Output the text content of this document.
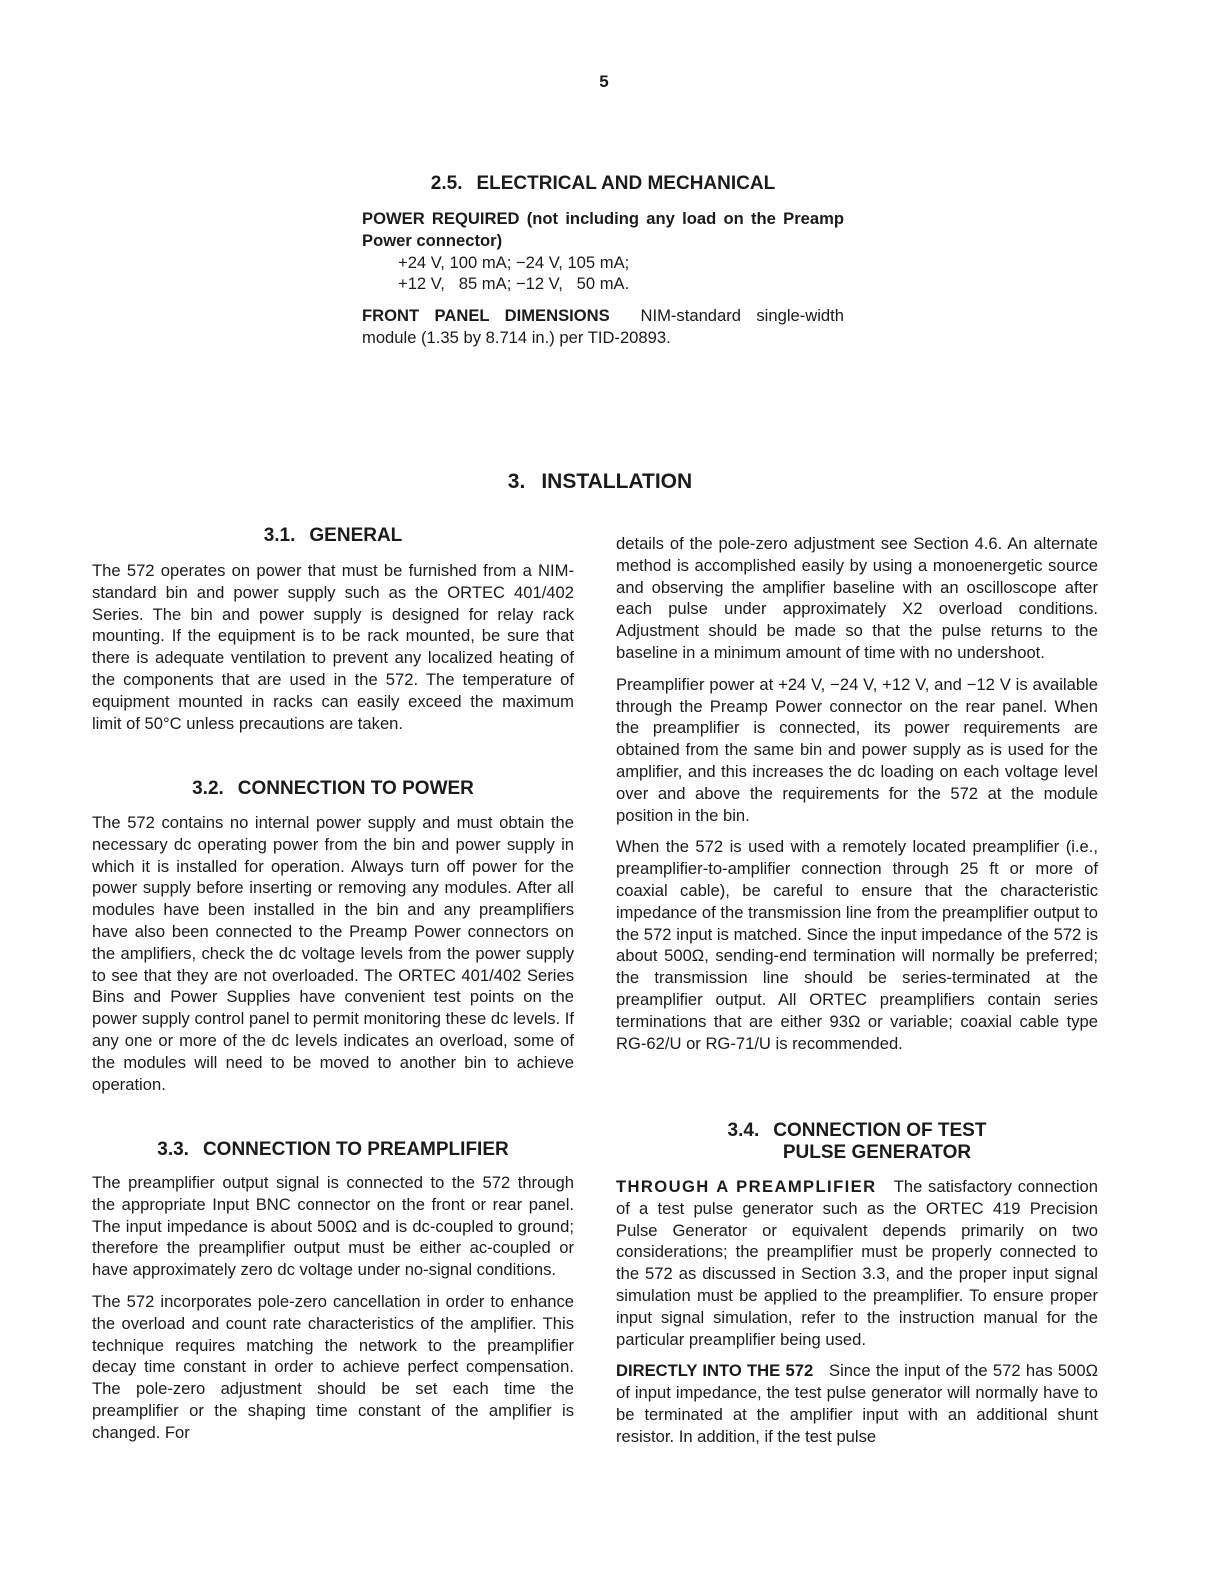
5
2.5. ELECTRICAL AND MECHANICAL

POWER REQUIRED (not including any load on the Preamp Power connector)

+24 V, 100 mA; −24 V, 105 mA;
+12 V,   85 mA; −12 V,   50 mA.

FRONT PANEL DIMENSIONS NIM-standard single-width module (1.35 by 8.714 in.) per TID-20893.

3. INSTALLATION
3.1. GENERAL

The 572 operates on power that must be furnished from a NIM-standard bin and power supply such as the ORTEC 401/402 Series. The bin and power supply is designed for relay rack mounting. If the equipment is to be rack mounted, be sure that there is adequate ventilation to prevent any localized heating of the components that are used in the 572. The temperature of equipment mounted in racks can easily exceed the maximum limit of 50°C unless precautions are taken.

3.2. CONNECTION TO POWER

The 572 contains no internal power supply and must obtain the necessary dc operating power from the bin and power supply in which it is installed for operation. Always turn off power for the power supply before inserting or removing any modules. After all modules have been installed in the bin and any preamplifiers have also been connected to the Preamp Power connectors on the amplifiers, check the dc voltage levels from the power supply to see that they are not overloaded. The ORTEC 401/402 Series Bins and Power Supplies have convenient test points on the power supply control panel to permit monitoring these dc levels. If any one or more of the dc levels indicates an overload, some of the modules will need to be moved to another bin to achieve operation.

3.3. CONNECTION TO PREAMPLIFIER

The preamplifier output signal is connected to the 572 through the appropriate Input BNC connector on the front or rear panel. The input impedance is about 500Ω and is dc-coupled to ground; therefore the preamplifier output must be either ac-coupled or have approximately zero dc voltage under no-signal conditions.

The 572 incorporates pole-zero cancellation in order to enhance the overload and count rate characteristics of the amplifier. This technique requires matching the network to the preamplifier decay time constant in order to achieve perfect compensation. The pole-zero adjustment should be set each time the preamplifier or the shaping time constant of the amplifier is changed. For

details of the pole-zero adjustment see Section 4.6. An alternate method is accomplished easily by using a monoenergetic source and observing the amplifier baseline with an oscilloscope after each pulse under approximately X2 overload conditions. Adjustment should be made so that the pulse returns to the baseline in a minimum amount of time with no undershoot.

Preamplifier power at +24 V, −24 V, +12 V, and −12 V is available through the Preamp Power connector on the rear panel. When the preamplifier is connected, its power requirements are obtained from the same bin and power supply as is used for the amplifier, and this increases the dc loading on each voltage level over and above the requirements for the 572 at the module position in the bin.

When the 572 is used with a remotely located preamplifier (i.e., preamplifier-to-amplifier connection through 25 ft or more of coaxial cable), be careful to ensure that the characteristic impedance of the transmission line from the preamplifier output to the 572 input is matched. Since the input impedance of the 572 is about 500Ω, sending-end termination will normally be preferred; the transmission line should be series-terminated at the preamplifier output. All ORTEC preamplifiers contain series terminations that are either 93Ω or variable; coaxial cable type RG-62/U or RG-71/U is recommended.

3.4. CONNECTION OF TEST
PULSE GENERATOR

THROUGH A PREAMPLIFIER The satisfactory connection of a test pulse generator such as the ORTEC 419 Precision Pulse Generator or equivalent depends primarily on two considerations; the preamplifier must be properly connected to the 572 as discussed in Section 3.3, and the proper input signal simulation must be applied to the preamplifier. To ensure proper input signal simulation, refer to the instruction manual for the particular preamplifier being used.

DIRECTLY INTO THE 572 Since the input of the 572 has 500Ω of input impedance, the test pulse generator will normally have to be terminated at the amplifier input with an additional shunt resistor. In addition, if the test pulse
